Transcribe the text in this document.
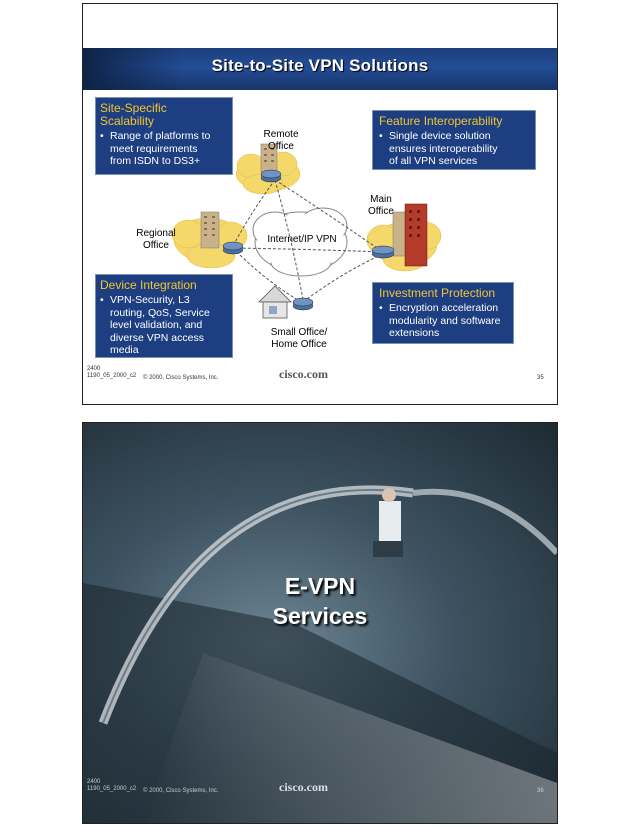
Site-to-Site VPN Solutions
Site-Specific
Scalability
• Range of platforms to
meet requirements
from ISDN to DS3+
Feature Interoperability
• Single device solution
ensures interoperability
of all VPN services
Device Integration
• VPN-Security, L3
routing, QoS, Service
level validation, and
diverse VPN access
media
Investment Protection
• Encryption acceleration
modularity and software
extensions
Remote
Office
Main
Office
Regional
Office
Internet/IP VPN
Small Office/
Home Office
2400
1190_05_2000_c2 © 2000, Cisco Systems, Inc.	cisco.com	35
E-VPN
Services
2400
1190_05_2000_c2 © 2000, Cisco Systems, Inc.	cisco.com	36
